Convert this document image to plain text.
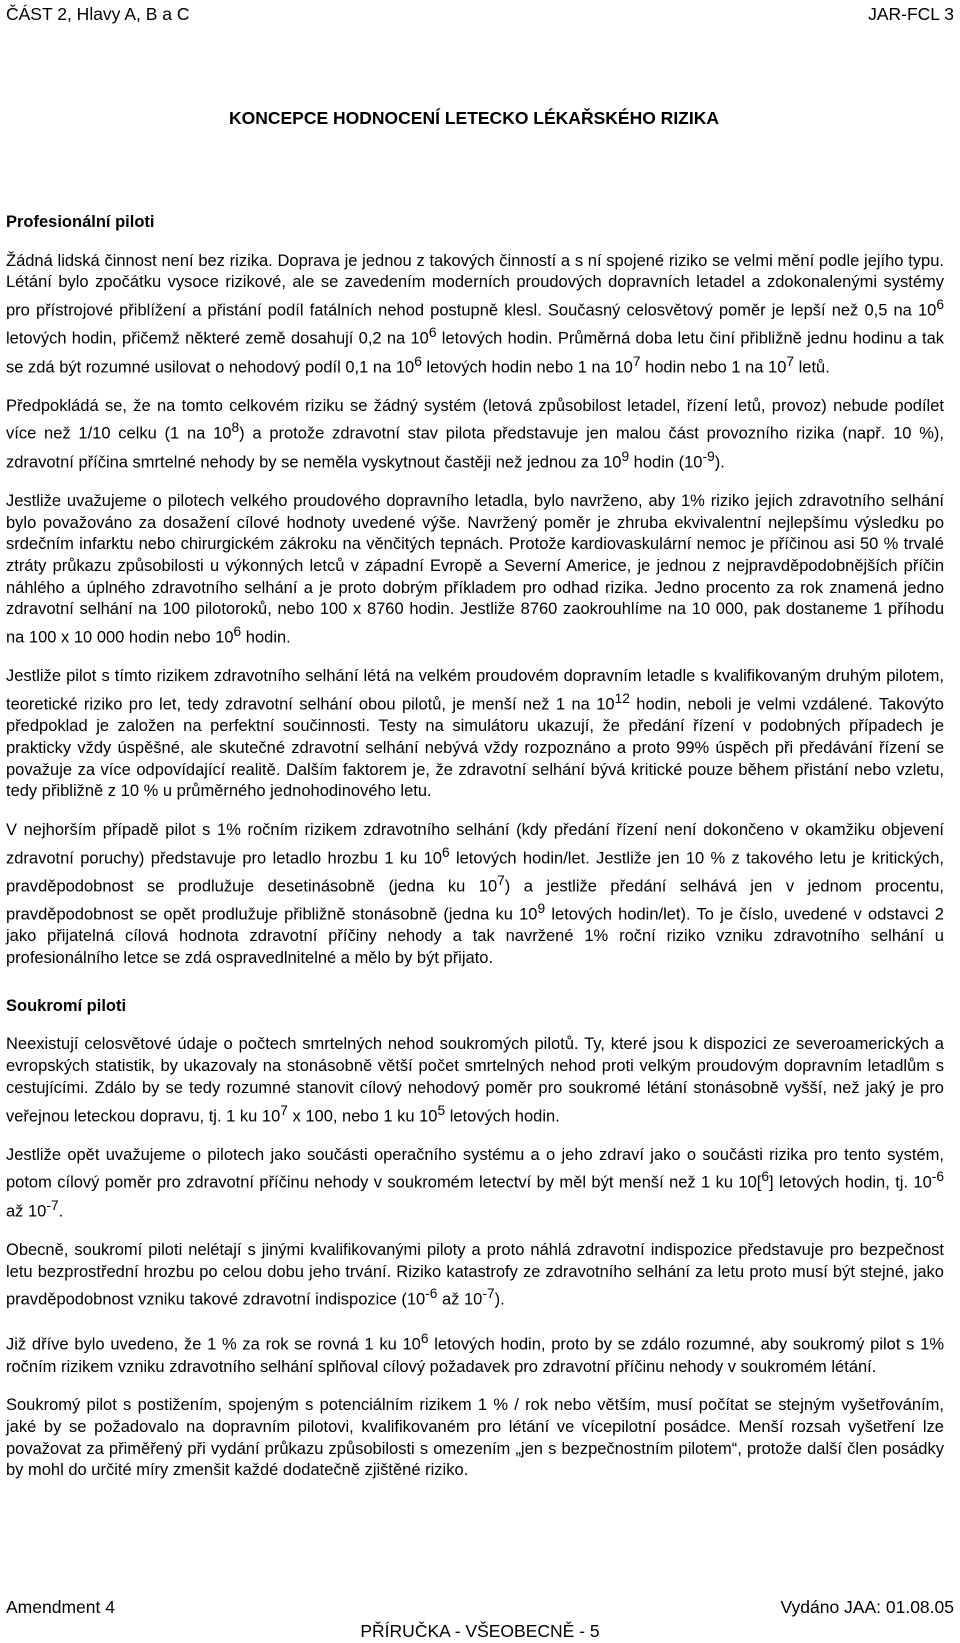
ČÁST 2, Hlavy A, B a C	JAR-FCL 3
KONCEPCE HODNOCENÍ LETECKO LÉKAŘSKÉHO RIZIKA
Profesionální piloti

Žádná lidská činnost není bez rizika. Doprava je jednou z takových činností a s ní spojené riziko se velmi mění podle jejího typu. Létání bylo zpočátku vysoce rizikové, ale se zavedením moderních proudových dopravních letadel a zdokonalenými systémy pro přístrojové přiblížení a přistání podíl fatálních nehod postupně klesl. Současný celosvětový poměr je lepší než 0,5 na $10^6$ letových hodin, přičemž některé země dosahují 0,2 na $10^6$ letových hodin. Průměrná doba letu činí přibližně jednu hodinu a tak se zdá být rozumné usilovat o nehodový podíl 0,1 na $10^6$ letových hodin nebo 1 na $10^7$ hodin nebo 1 na $10^7$ letů.

Předpokládá se, že na tomto celkovém riziku se žádný systém (letová způsobilost letadel, řízení letů, provoz) nebude podílet více než 1/10 celku (1 na $10^8$) a protože zdravotní stav pilota představuje jen malou část provozního rizika (např. 10 %), zdravotní příčina smrtelné nehody by se neměla vyskytnout častěji než jednou za $10^9$ hodin $(10^{-9})$.

Jestliže uvažujeme o pilotech velkého proudového dopravního letadla, bylo navrženo, aby 1% riziko jejich zdravotního selhání bylo považováno za dosažení cílové hodnoty uvedené výše. Navržený poměr je zhruba ekvivalentní nejlepšímu výsledku po srdečním infarktu nebo chirurgickém zákroku na věnčitých tepnách. Protože kardiovaskulární nemoc je příčinou asi 50 % trvalé ztráty průkazu způsobilosti u výkonných letců v západní Evropě a Severní Americe, je jednou z nejpravděpodobnějších příčin náhlého a úplného zdravotního selhání a je proto dobrým příkladem pro odhad rizika. Jedno procento za rok znamená jedno zdravotní selhání na 100 pilotoroků, nebo 100 x 8760 hodin. Jestliže 8760 zaokrouhlíme na 10 000, pak dostaneme 1 příhodu na 100 x 10 000 hodin nebo $10^6$ hodin.

Jestliže pilot s tímto rizikem zdravotního selhání létá na velkém proudovém dopravním letadle s kvalifikovaným druhým pilotem, teoretické riziko pro let, tedy zdravotní selhání obou pilotů, je menší než 1 na $10^{12}$ hodin, neboli je velmi vzdálené. Takovýto předpoklad je založen na perfektní součinnosti. Testy na simulátoru ukazují, že předání řízení v podobných případech je prakticky vždy úspěšné, ale skutečné zdravotní selhání nebývá vždy rozpoznáno a proto 99% úspěch při předávání řízení se považuje za více odpovídající realitě. Dalším faktorem je, že zdravotní selhání bývá kritické pouze během přistání nebo vzletu, tedy přibližně z 10 % u průměrného jednohodinového letu.

V nejhorším případě pilot s 1% ročním rizikem zdravotního selhání (kdy předání řízení není dokončeno v okamžiku objevení zdravotní poruchy) představuje pro letadlo hrozbu 1 ku $10^6$ letových hodin/let. Jestliže jen 10 % z takového letu je kritických, pravděpodobnost se prodlužuje desetinásobně (jedna ku $10^7$) a jestliže předání selhává jen v jednom procentu, pravděpodobnost se opět prodlužuje přibližně stonásobně (jedna ku $10^9$ letových hodin/let). To je číslo, uvedené v odstavci 2 jako přijatelná cílová hodnota zdravotní příčiny nehody a tak navržené 1% roční riziko vzniku zdravotního selhání u profesionálního letce se zdá ospravedlnitelné a mělo by být přijato.

Soukromí piloti

Neexistují celosvětové údaje o počtech smrtelných nehod soukromých pilotů. Ty, které jsou k dispozici ze severoamerických a evropských statistik, by ukazovaly na stonásobně větší počet smrtelných nehod proti velkým proudovým dopravním letadlům s cestujícími. Zdálo by se tedy rozumné stanovit cílový nehodový poměr pro soukromé létání stonásobně vyšší, než jaký je pro veřejnou leteckou dopravu, tj. 1 ku $10^7$ x 100, nebo 1 ku $10^5$ letových hodin.

Jestliže opět uvažujeme o pilotech jako součásti operačního systému a o jeho zdraví jako o součásti rizika pro tento systém, potom cílový poměr pro zdravotní příčinu nehody v soukromém letectví by měl být menší než 1 ku 10[$^6$] letových hodin, tj. $10^{-6}$ až $10^{-7}$.

Obecně, soukromí piloti nelétají s jinými kvalifikovanými piloty a proto náhlá zdravotní indispozice představuje pro bezpečnost letu bezprostřední hrozbu po celou dobu jeho trvání. Riziko katastrofy ze zdravotního selhání za letu proto musí být stejné, jako pravděpodobnost vzniku takové zdravotní indispozice ($10^{-6}$ až $10^{-7}$).

Již dříve bylo uvedeno, že 1 % za rok se rovná 1 ku $10^6$ letových hodin, proto by se zdálo rozumné, aby soukromý pilot s 1% ročním rizikem vzniku zdravotního selhání splňoval cílový požadavek pro zdravotní příčinu nehody v soukromém létání.

Soukromý pilot s postižením, spojeným s potenciálním rizikem 1 % / rok nebo větším, musí počítat se stejným vyšetřováním, jaké by se požadovalo na dopravním pilotovi, kvalifikovaném pro létání ve vícepilotní posádce. Menší rozsah vyšetření lze považovat za přiměřený při vydání průkazu způsobilosti s omezením „jen s bezpečnostním pilotem“, protože další člen posádky by mohl do určité míry zmenšit každé dodatečně zjištěné riziko.

Amendment 4	Vydáno JAA: 01.08.05
PŘÍRUČKA - VŠEOBECNĚ - 5
